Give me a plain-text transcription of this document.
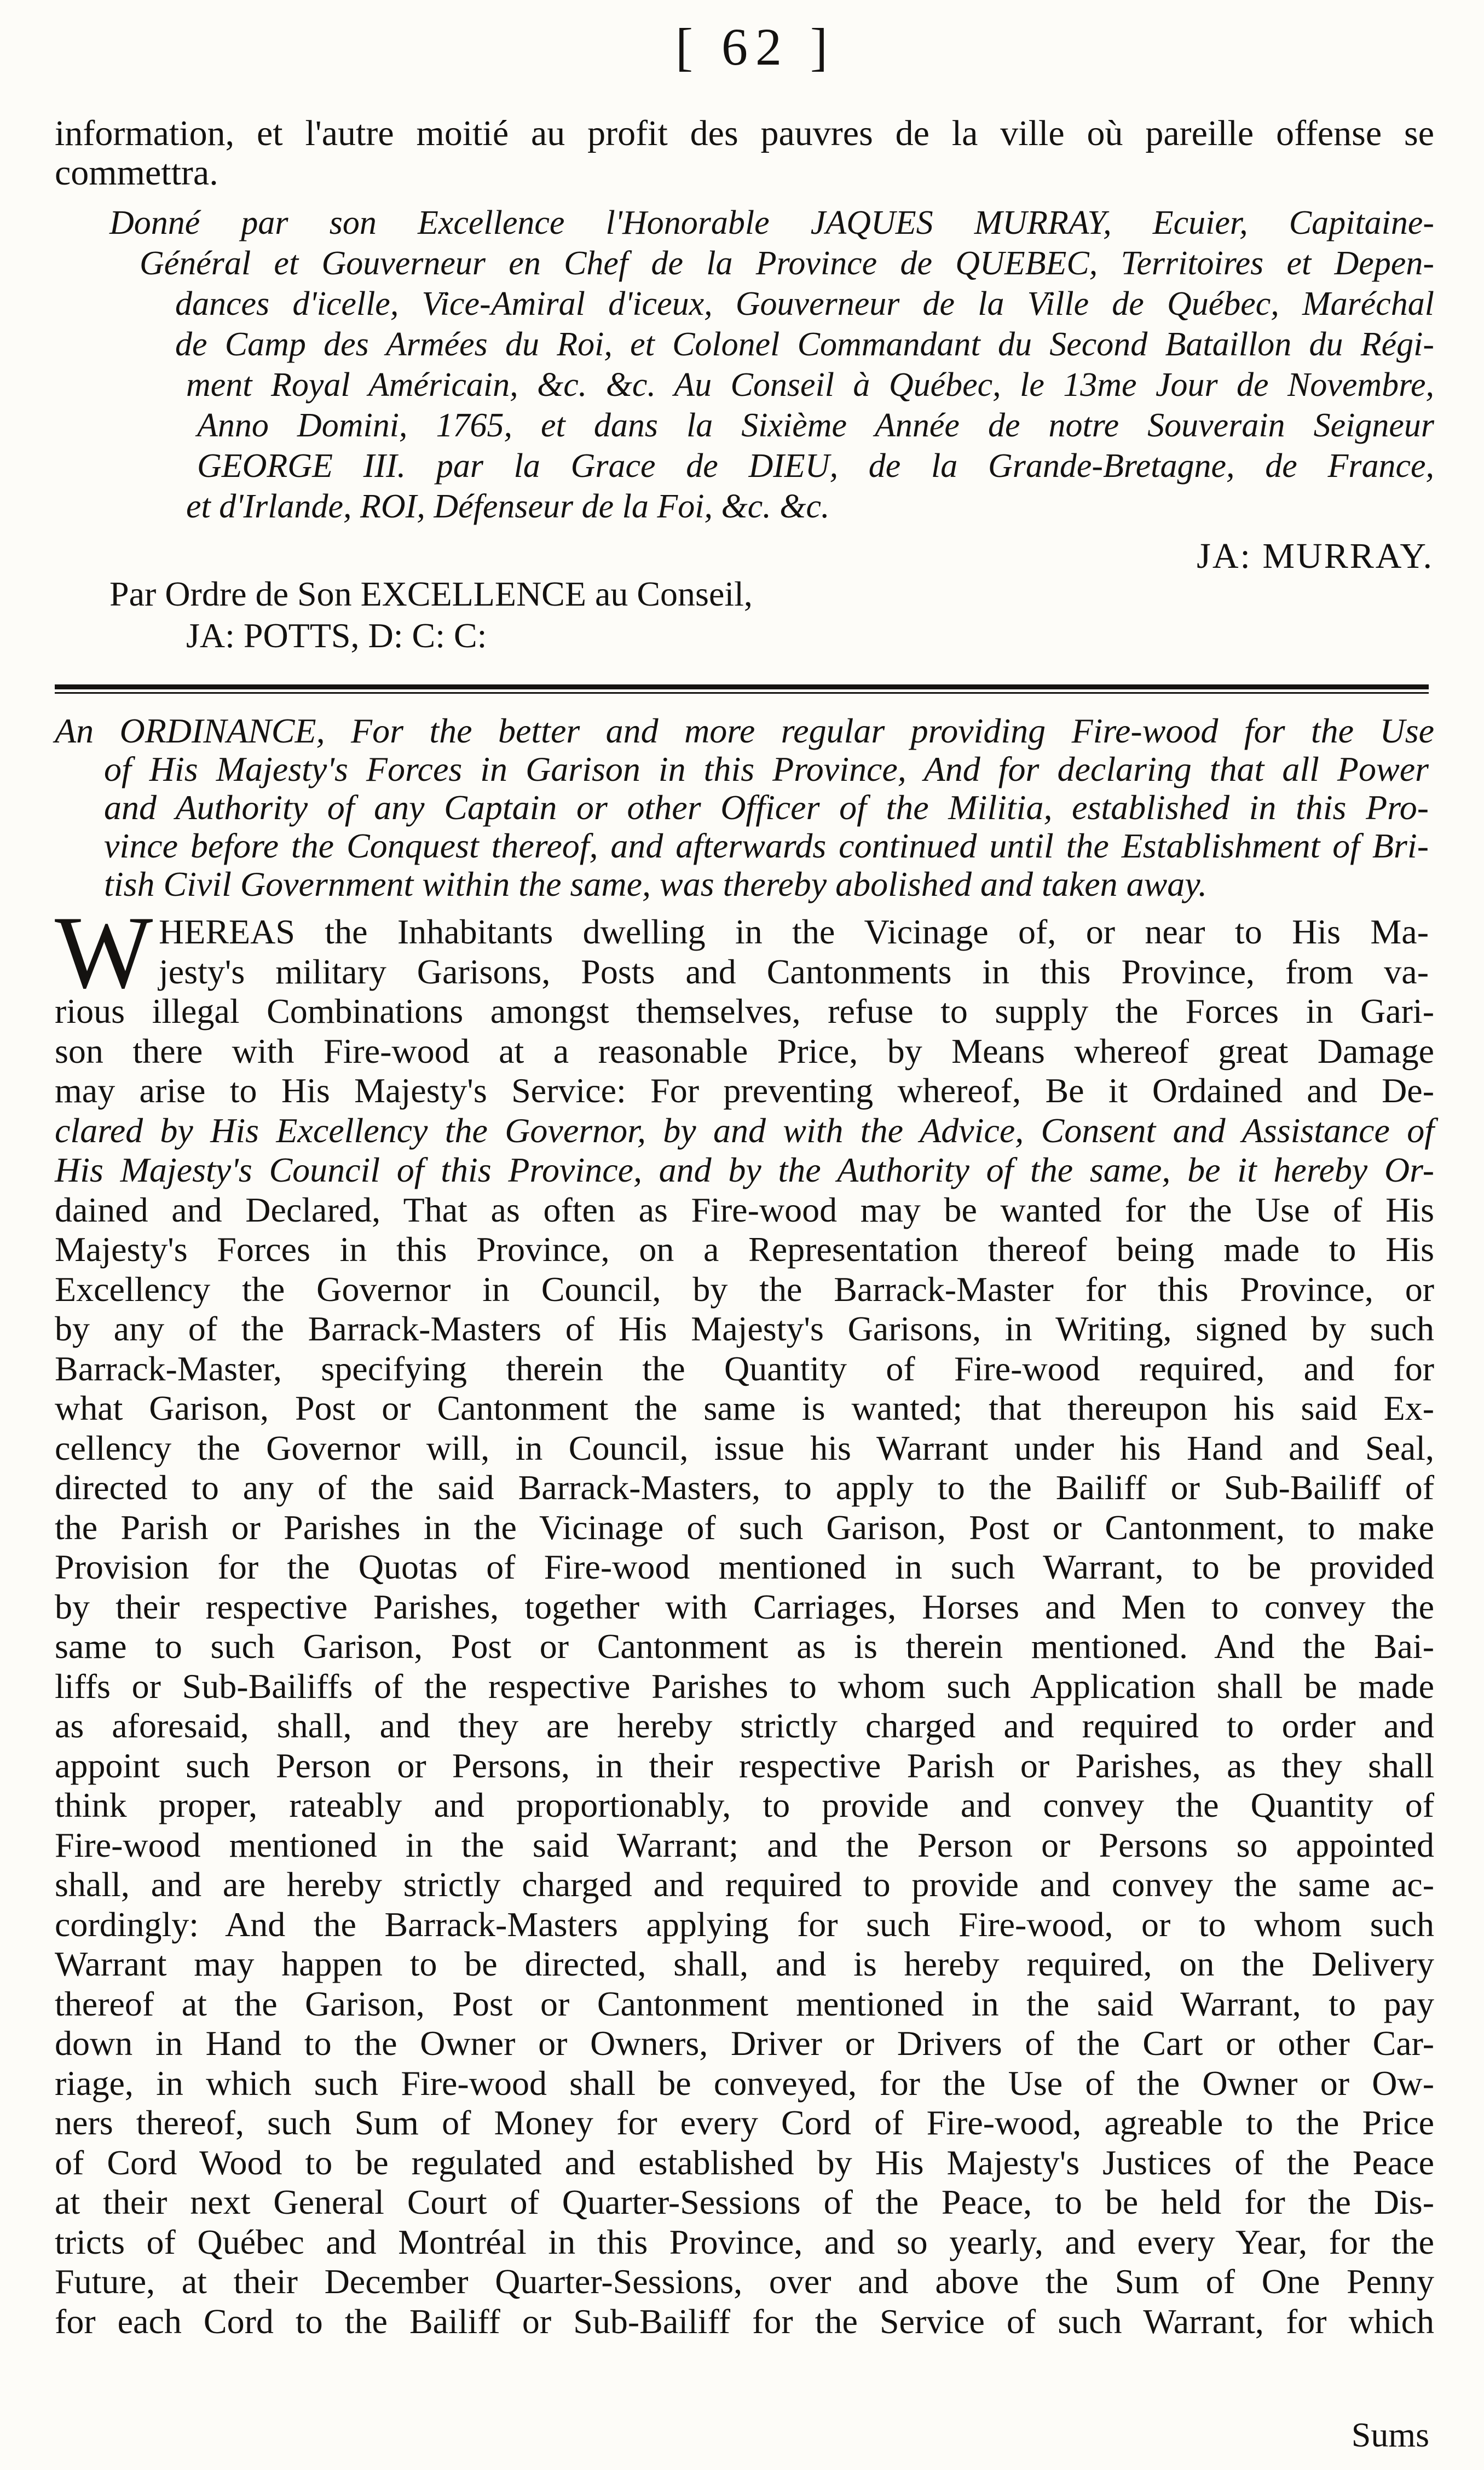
[ 62 ]
information, et l'autre moitié au profit des pauvres de la ville où pareille offense se
commettra.
Donné par son Excellence l'Honorable JAQUES MURRAY, Ecuier, Capitaine-
Général et Gouverneur en Chef de la Province de QUEBEC, Territoires et Depen-
dances d'icelle, Vice-Amiral d'iceux, Gouverneur de la Ville de Québec, Maréchal
de Camp des Armées du Roi, et Colonel Commandant du Second Bataillon du Régi-
ment Royal Américain, &c. &c. Au Conseil à Québec, le 13me Jour de Novembre,
Anno Domini, 1765, et dans la Sixième Année de notre Souverain Seigneur
GEORGE III. par la Grace de DIEU, de la Grande-Bretagne, de France,
et d'Irlande, ROI, Défenseur de la Foi, &c. &c.
JA: MURRAY.
Par Ordre de Son EXCELLENCE au Conseil,
JA: POTTS, D: C: C:
An ORDINANCE, For the better and more regular providing Fire-wood for the Use
of His Majesty's Forces in Garison in this Province, And for declaring that all Power
and Authority of any Captain or other Officer of the Militia, established in this Pro-
vince before the Conquest thereof, and afterwards continued until the Establishment of Bri-
tish Civil Government within the same, was thereby abolished and taken away.
W HEREAS the Inhabitants dwelling in the Vicinage of, or near to His Ma-
jesty's military Garisons, Posts and Cantonments in this Province, from va-
rious illegal Combinations amongst themselves, refuse to supply the Forces in Gari-
son there with Fire-wood at a reasonable Price, by Means whereof great Damage
may arise to His Majesty's Service: For preventing whereof, Be it Ordained and De-
clared by His Excellency the Governor, by and with the Advice, Consent and Assistance of
His Majesty's Council of this Province, and by the Authority of the same, be it hereby Or-
dained and Declared, That as often as Fire-wood may be wanted for the Use of His
Majesty's Forces in this Province, on a Representation thereof being made to His
Excellency the Governor in Council, by the Barrack-Master for this Province, or
by any of the Barrack-Masters of His Majesty's Garisons, in Writing, signed by such
Barrack-Master, specifying therein the Quantity of Fire-wood required, and for
what Garison, Post or Cantonment the same is wanted; that thereupon his said Ex-
cellency the Governor will, in Council, issue his Warrant under his Hand and Seal,
directed to any of the said Barrack-Masters, to apply to the Bailiff or Sub-Bailiff of
the Parish or Parishes in the Vicinage of such Garison, Post or Cantonment, to make
Provision for the Quotas of Fire-wood mentioned in such Warrant, to be provided
by their respective Parishes, together with Carriages, Horses and Men to convey the
same to such Garison, Post or Cantonment as is therein mentioned. And the Bai-
liffs or Sub-Bailiffs of the respective Parishes to whom such Application shall be made
as aforesaid, shall, and they are hereby strictly charged and required to order and
appoint such Person or Persons, in their respective Parish or Parishes, as they shall
think proper, rateably and proportionably, to provide and convey the Quantity of
Fire-wood mentioned in the said Warrant; and the Person or Persons so appointed
shall, and are hereby strictly charged and required to provide and convey the same ac-
cordingly: And the Barrack-Masters applying for such Fire-wood, or to whom such
Warrant may happen to be directed, shall, and is hereby required, on the Delivery
thereof at the Garison, Post or Cantonment mentioned in the said Warrant, to pay
down in Hand to the Owner or Owners, Driver or Drivers of the Cart or other Car-
riage, in which such Fire-wood shall be conveyed, for the Use of the Owner or Ow-
ners thereof, such Sum of Money for every Cord of Fire-wood, agreable to the Price
of Cord Wood to be regulated and established by His Majesty's Justices of the Peace
at their next General Court of Quarter-Sessions of the Peace, to be held for the Dis-
tricts of Québec and Montréal in this Province, and so yearly, and every Year, for the
Future, at their December Quarter-Sessions, over and above the Sum of One Penny
for each Cord to the Bailiff or Sub-Bailiff for the Service of such Warrant, for which
Sums
